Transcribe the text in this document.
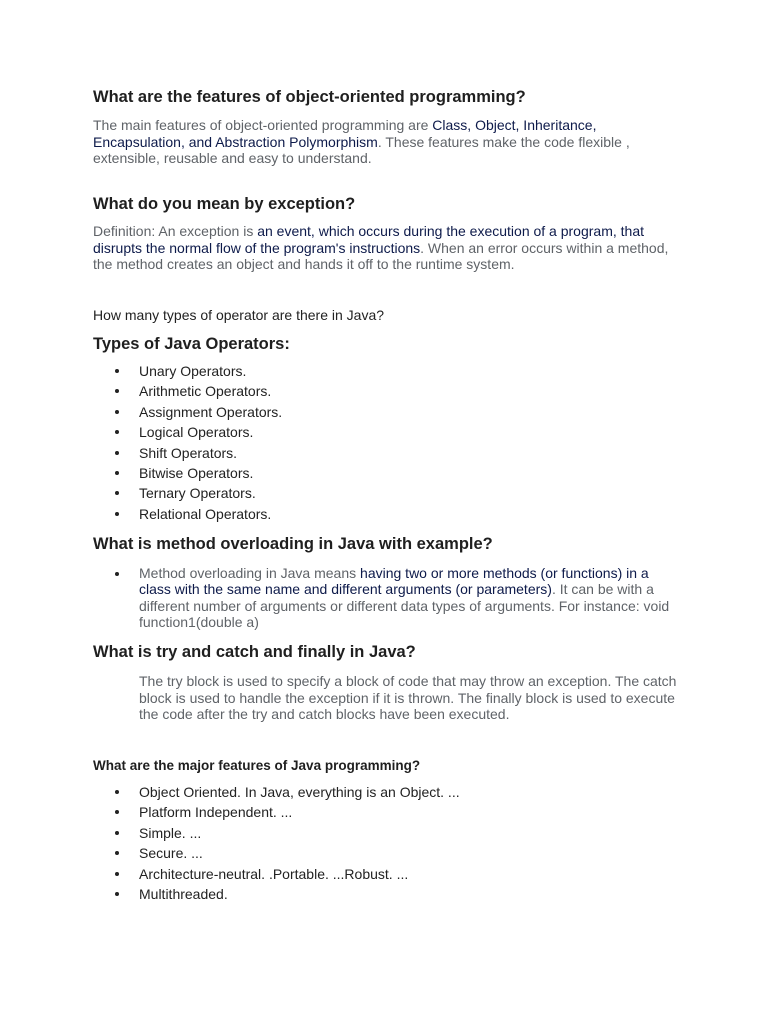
What are the features of object-oriented programming?

The main features of object-oriented programming are Class, Object, Inheritance, Encapsulation, and Abstraction Polymorphism. These features make the code flexible , extensible, reusable and easy to understand.

What do you mean by exception?

Definition: An exception is an event, which occurs during the execution of a program, that disrupts the normal flow of the program's instructions. When an error occurs within a method, the method creates an object and hands it off to the runtime system.

How many types of operator are there in Java?

Types of Java Operators:
Unary Operators.
Arithmetic Operators.
Assignment Operators.
Logical Operators.
Shift Operators.
Bitwise Operators.
Ternary Operators.
Relational Operators.
What is method overloading in Java with example?

Method overloading in Java means having two or more methods (or functions) in a class with the same name and different arguments (or parameters). It can be with a different number of arguments or different data types of arguments. For instance: void function1(double a)

What is try and catch and finally in Java?

The try block is used to specify a block of code that may throw an exception. The catch block is used to handle the exception if it is thrown. The finally block is used to execute the code after the try and catch blocks have been executed.

What are the major features of Java programming?
Object Oriented. In Java, everything is an Object. ...
Platform Independent. ...
Simple. ...
Secure. ...
Architecture-neutral. .Portable. ...Robust. ...
Multithreaded.
